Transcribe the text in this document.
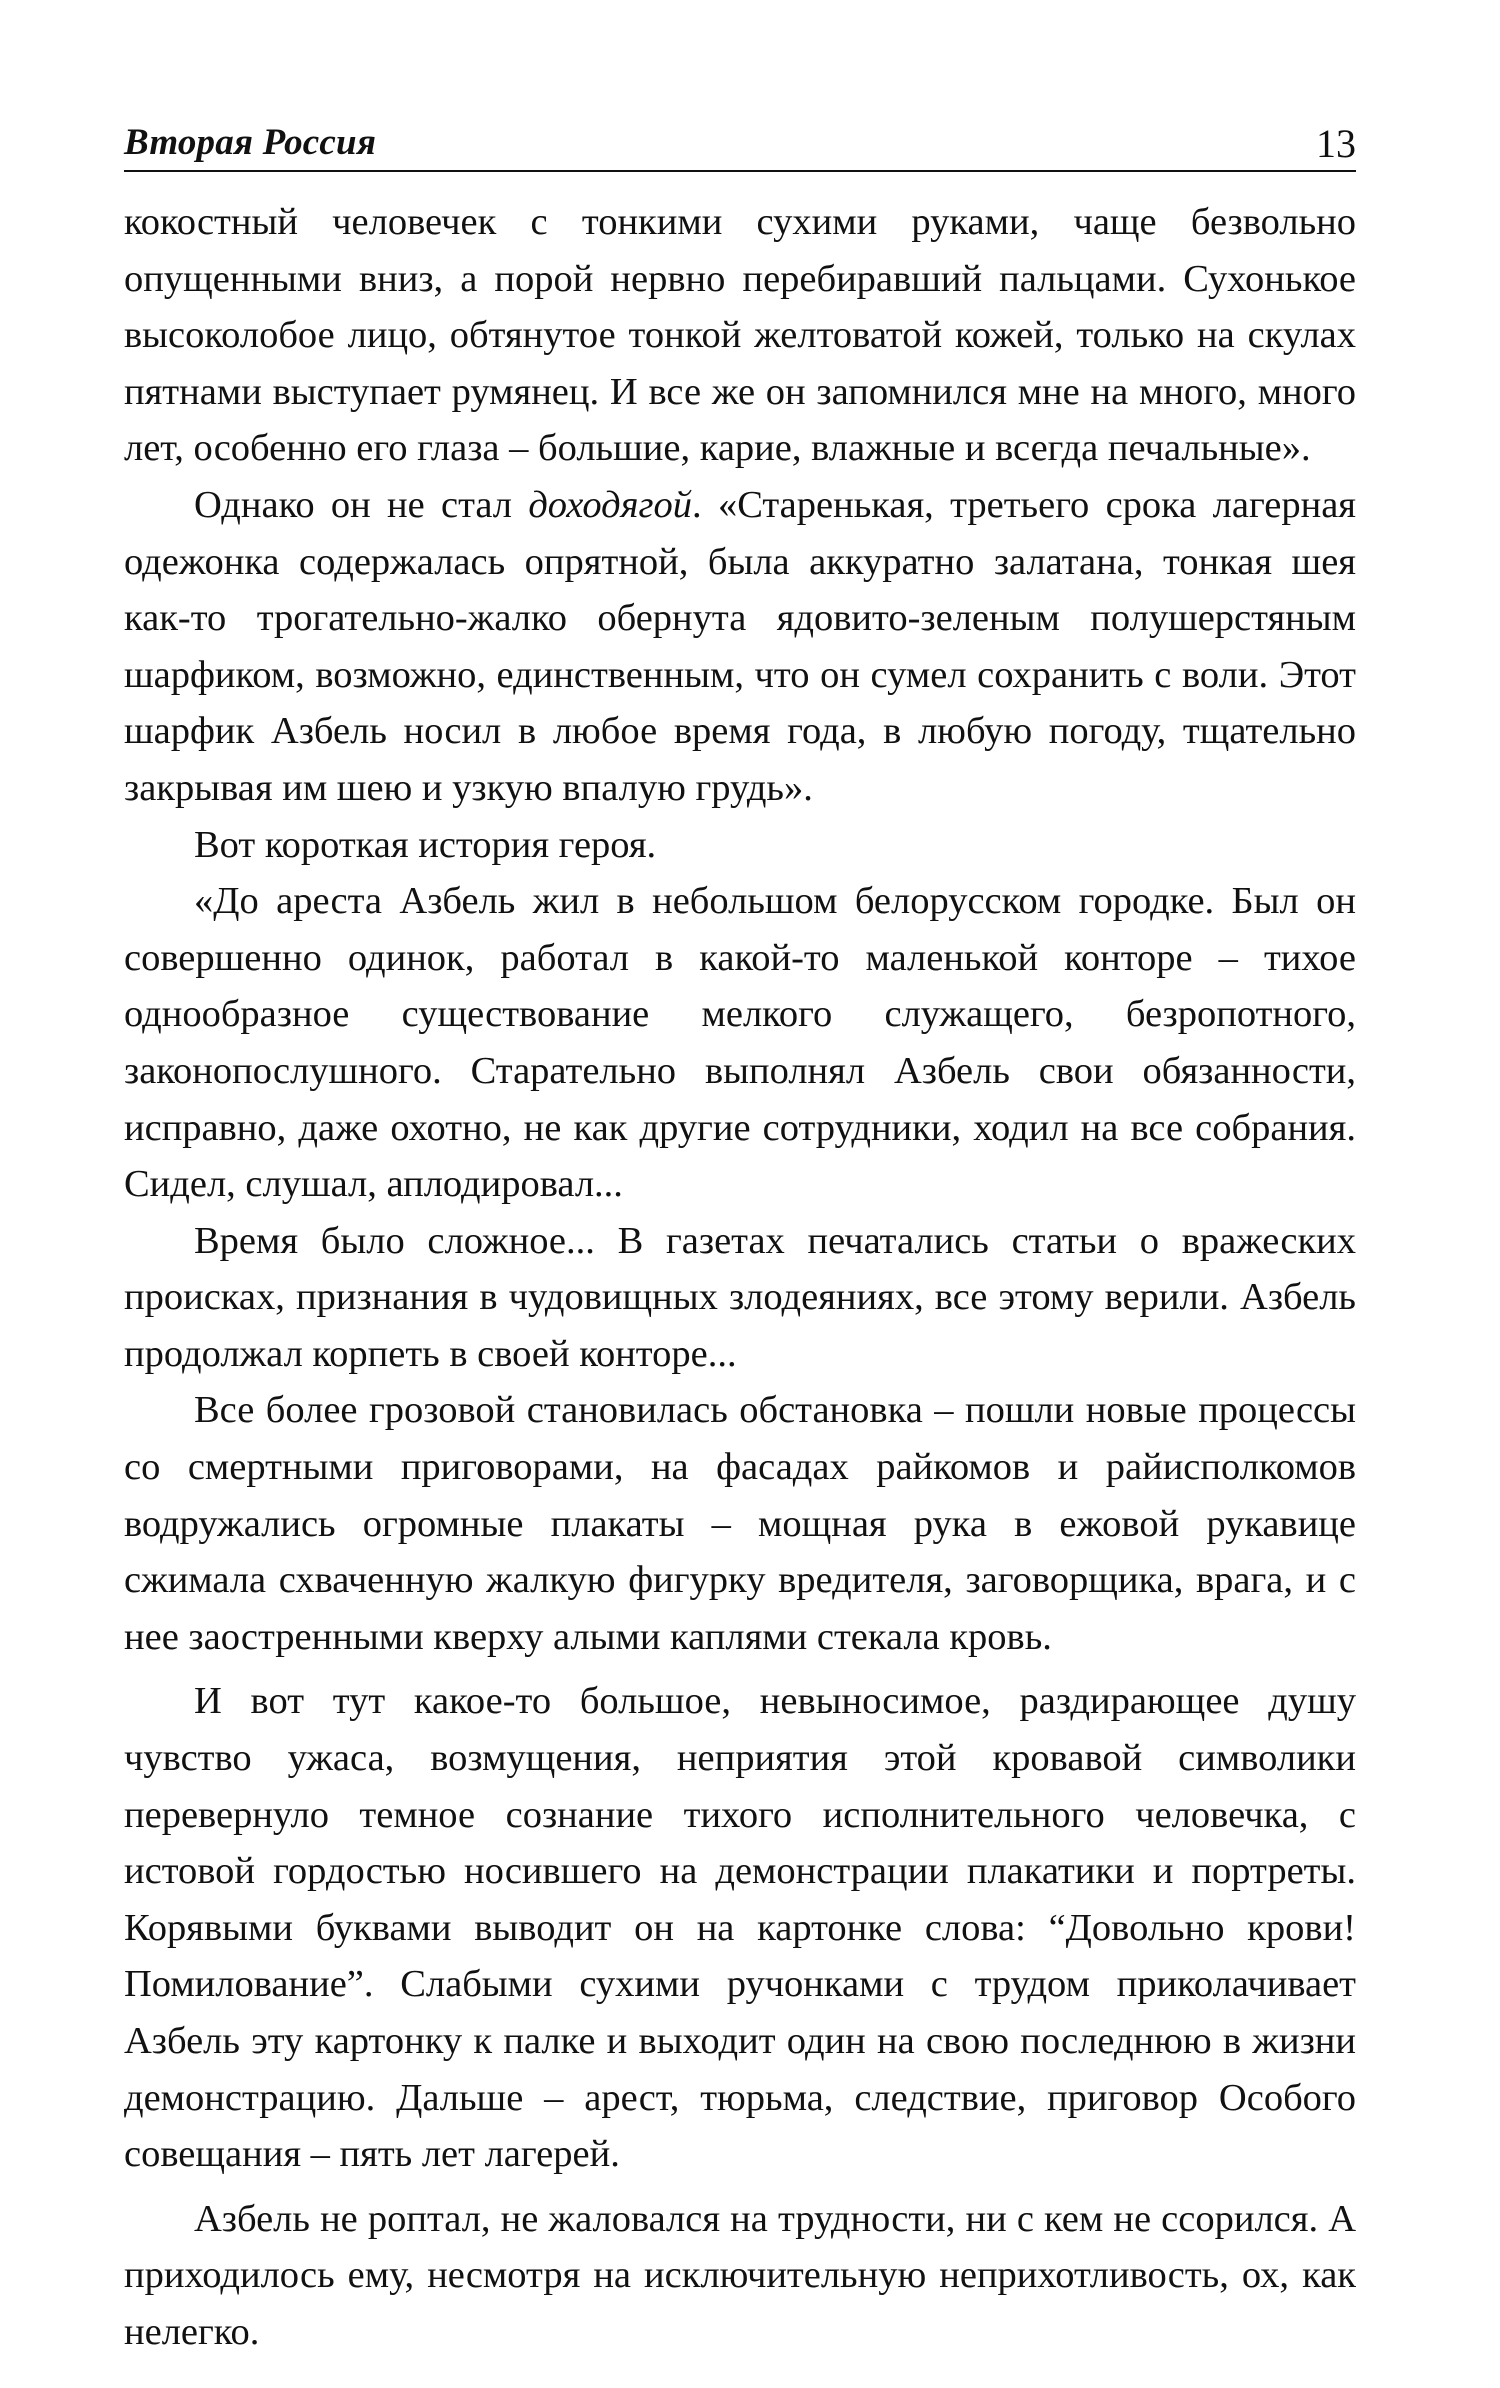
Вторая Россия	13

кокостный человечек с тонкими сухими руками, чаще безвольно опущенными вниз, а порой нервно перебиравший пальцами. Сухонькое высоколобое лицо, обтянутое тонкой желтоватой кожей, только на скулах пятнами выступает румянец. И все же он запомнился мне на много, много лет, особенно его глаза – большие, карие, влажные и всегда печальные».

Однако он не стал доходягой. «Старенькая, третьего срока лагерная одежонка содержалась опрятной, была аккуратно залатана, тонкая шея как-то трогательно-жалко обернута ядовито-зеленым полушерстяным шарфиком, возможно, единственным, что он сумел сохранить с воли. Этот шарфик Азбель носил в любое время года, в любую погоду, тщательно закрывая им шею и узкую впалую грудь».

Вот короткая история героя.

«До ареста Азбель жил в небольшом белорусском городке. Был он совершенно одинок, работал в какой-то маленькой конторе – тихое однообразное существование мелкого служащего, безропотного, законопослушного. Старательно выполнял Азбель свои обязанности, исправно, даже охотно, не как другие сотрудники, ходил на все собрания. Сидел, слушал, аплодировал...

Время было сложное... В газетах печатались статьи о вражеских происках, признания в чудовищных злодеяниях, все этому верили. Азбель продолжал корпеть в своей конторе...

Все более грозовой становилась обстановка – пошли новые процессы со смертными приговорами, на фасадах райкомов и райисполкомов водружались огромные плакаты – мощная рука в ежовой рукавице сжимала схваченную жалкую фигурку вредителя, заговорщика, врага, и с нее заостренными кверху алыми каплями стекала кровь.

И вот тут какое-то большое, невыносимое, раздирающее душу чувство ужаса, возмущения, неприятия этой кровавой символики перевернуло темное сознание тихого исполнительного человечка, с истовой гордостью носившего на демонстрации плакатики и портреты. Корявыми буквами выводит он на картонке слова: “Довольно крови! Помилование”. Слабыми сухими ручонками с трудом приколачивает Азбель эту картонку к палке и выходит один на свою последнюю в жизни демонстрацию. Дальше – арест, тюрьма, следствие, приговор Особого совещания – пять лет лагерей.

Азбель не роптал, не жаловался на трудности, ни с кем не ссорился. А приходилось ему, несмотря на исключительную неприхотливость, ох, как нелегко.
